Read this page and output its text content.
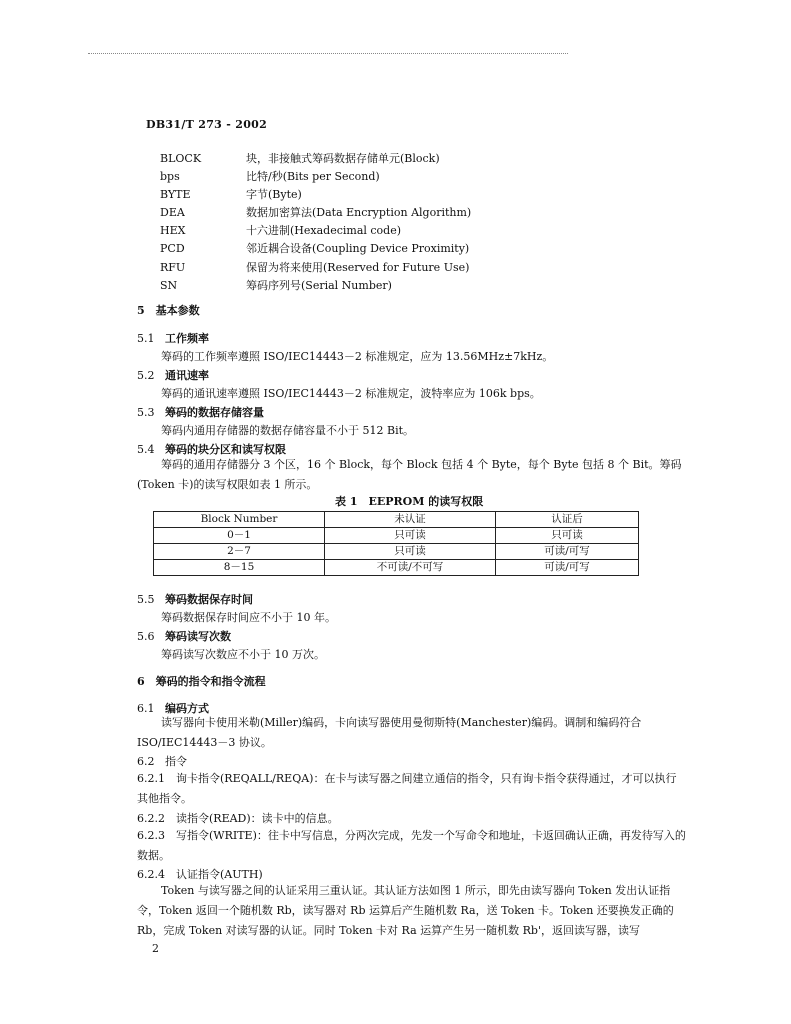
DB31/T 273 - 2002
BLOCK	块，非接触式筹码数据存储单元(Block)
bps	比特/秒(Bits per Second)
BYTE	字节(Byte)
DEA	数据加密算法(Data Encryption Algorithm)
HEX	十六进制(Hexadecimal code)
PCD	邻近耦合设备(Coupling Device Proximity)
RFU	保留为将来使用(Reserved for Future Use)
SN	筹码序列号(Serial Number)
5　 基本参数
5.1 工作频率
筹码的工作频率遵照 ISO/IEC14443－2 标准规定，应为 13.56MHz±7kHz。
5.2 通讯速率
筹码的通讯速率遵照 ISO/IEC14443－2 标准规定，波特率应为 106k bps。
5.3 筹码的数据存储容量
筹码内通用存储器的数据存储容量不小于 512 Bit。
5.4 筹码的块分区和读写权限
筹码的通用存储器分 3 个区，16 个 Block，每个 Block 包括 4 个 Byte，每个 Byte 包括 8 个 Bit。筹码(Token 卡)的读写权限如表 1 所示。
表 1　EEPROM 的读写权限
Block Number	未认证	认证后
0－1	只可读	只可读
2－7	只可读	可读/可写
8－15	不可读/不可写	可读/可写
5.5 筹码数据保存时间
筹码数据保存时间应不小于 10 年。
5.6 筹码读写次数
筹码读写次数应不小于 10 万次。
6　 筹码的指令和指令流程
6.1 编码方式
读写器向卡使用米勒(Miller)编码，卡向读写器使用曼彻斯特(Manchester)编码。调制和编码符合 ISO/IEC14443－3 协议。
6.2 指令
6.2.1　 询卡指令(REQALL/REQA)：在卡与读写器之间建立通信的指令，只有询卡指令获得通过，才可以执行其他指令。
6.2.2　 读指令(READ)：读卡中的信息。
6.2.3　 写指令(WRITE)：往卡中写信息，分两次完成，先发一个写命令和地址，卡返回确认正确，再发待写入的数据。
6.2.4　 认证指令(AUTH)
Token 与读写器之间的认证采用三重认证。其认证方法如图 1 所示，即先由读写器向 Token 发出认证指令，Token 返回一个随机数 Rb，读写器对 Rb 运算后产生随机数 Ra，送 Token 卡。Token 还要换发正确的 Rb，完成 Token 对读写器的认证。同时 Token 卡对 Ra 运算产生另一随机数 Rb'，返回读写器，读写
2
